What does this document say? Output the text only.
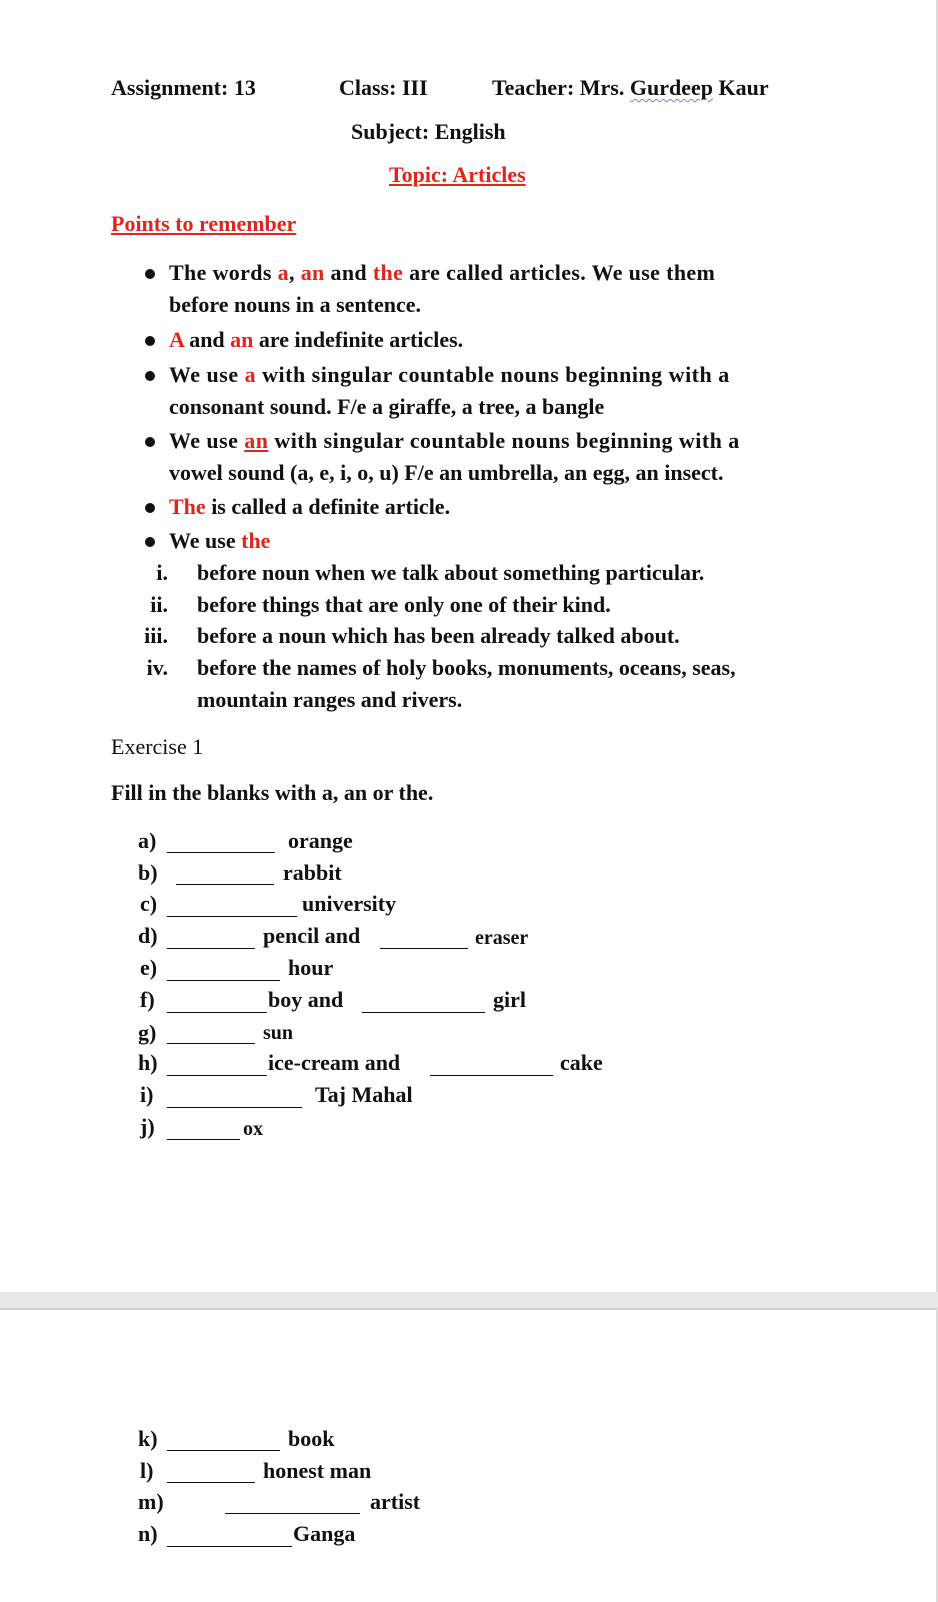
Assignment: 13	Class: III	Teacher: Mrs. Gurdeep Kaur
Subject: English
Topic: Articles
Points to remember
The words a, an and the are called articles. We use them
before nouns in a sentence.
A and an are indefinite articles.
We use a with singular countable nouns beginning with a
consonant sound. F/e a giraffe, a tree, a bangle
We use an with singular countable nouns beginning with a
vowel sound (a, e, i, o, u) F/e an umbrella, an egg, an insect.
The is called a definite article.
We use the
i. before noun when we talk about something particular.
ii. before things that are only one of their kind.
iii. before a noun which has been already talked about.
iv. before the names of holy books, monuments, oceans, seas,
mountain ranges and rivers.
Exercise 1
Fill in the blanks with a, an or the.
a)	orange
b)	rabbit
c)	university
d)	pencil and	eraser
e)	hour
f)	boy and	girl
g)	sun
h)	ice-cream and	cake
i)	Taj Mahal
j)	ox
k)	book
l)	honest man
m)	artist
n)	Ganga
